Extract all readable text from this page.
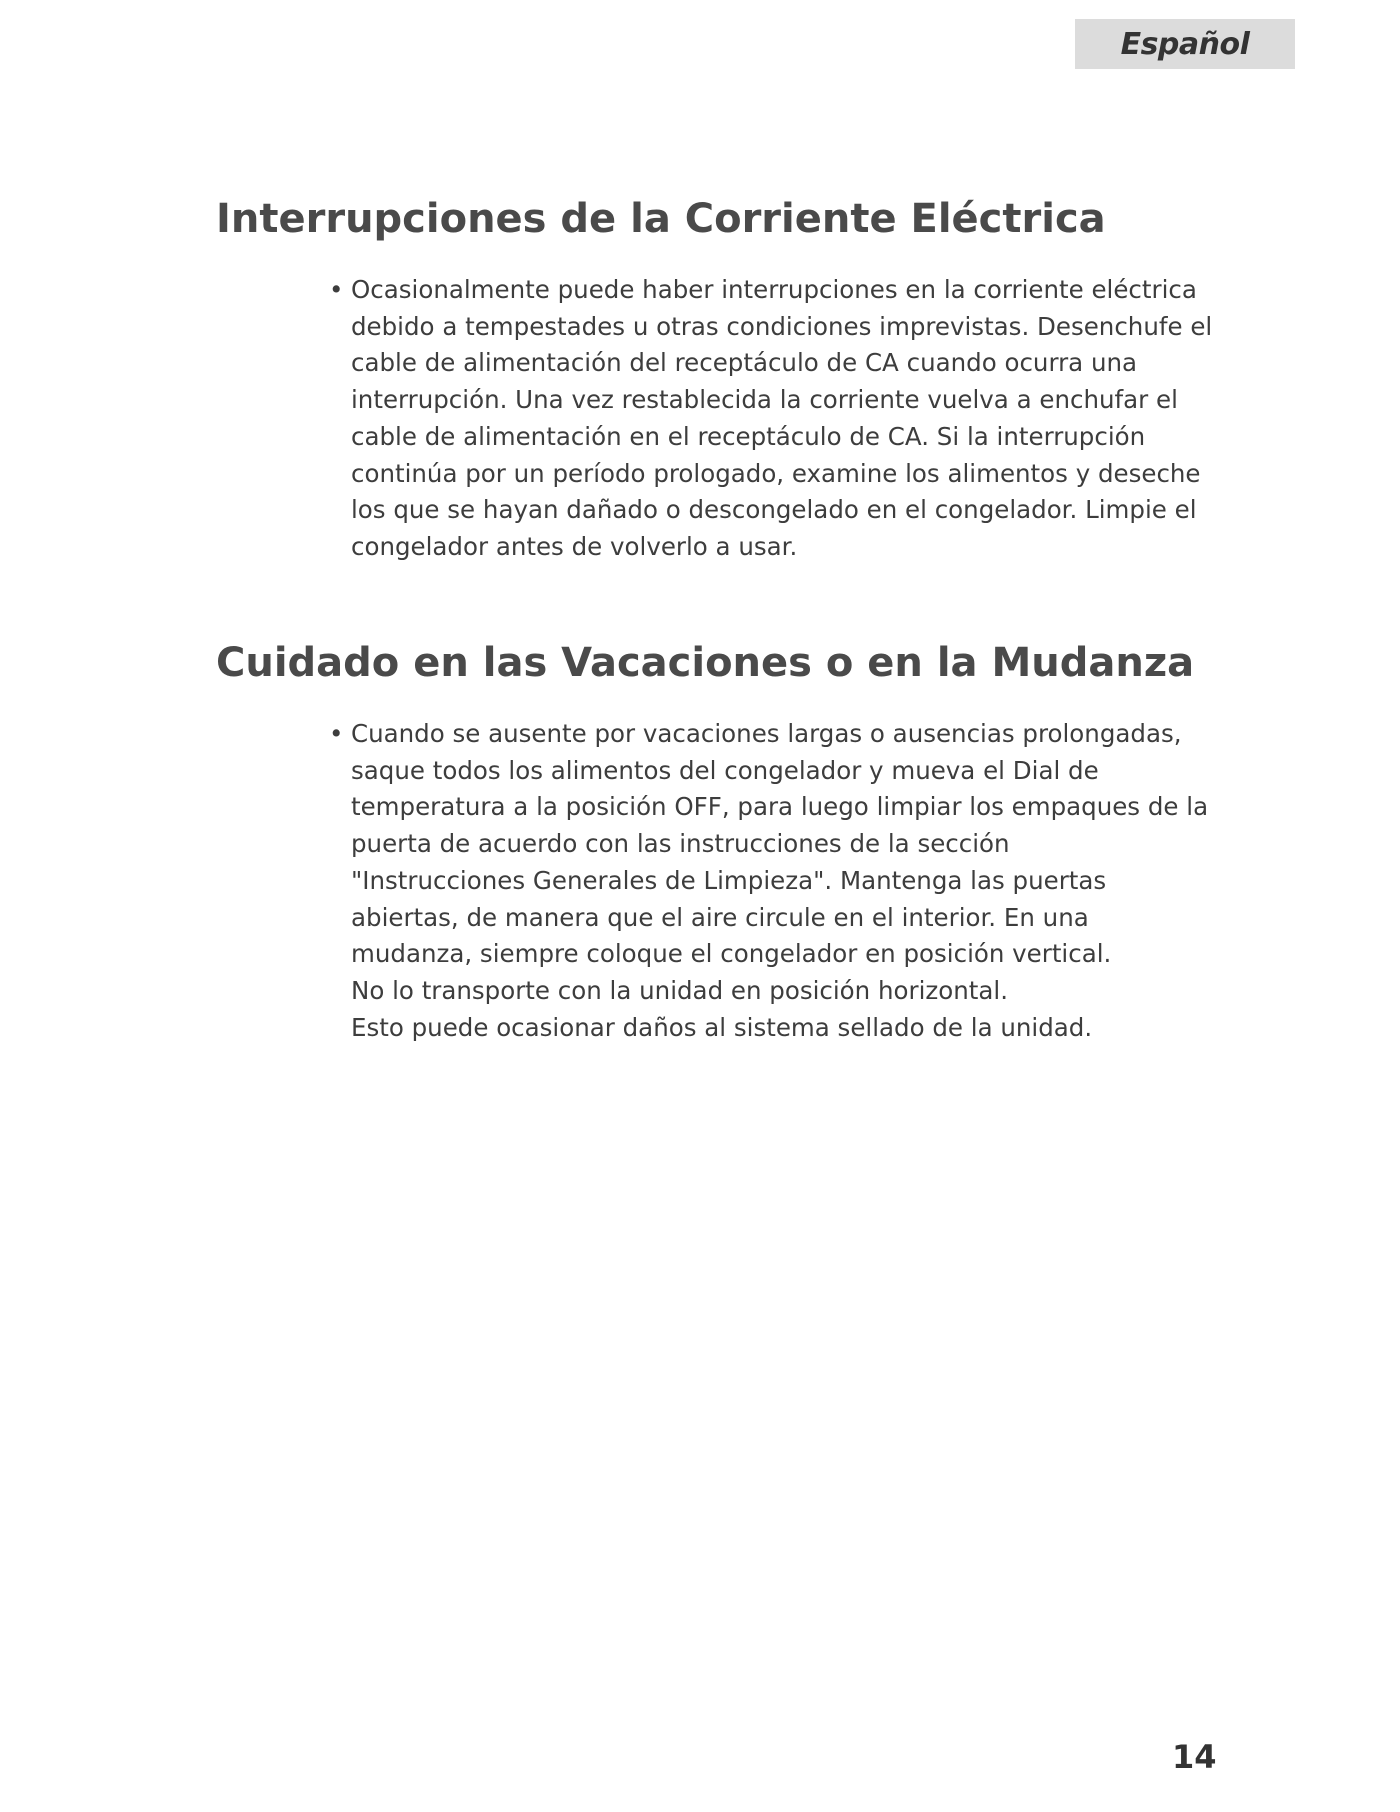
Español
Interrupciones de la Corriente Eléctrica
• Ocasionalmente puede haber interrupciones en la corriente eléctrica
debido a tempestades u otras condiciones imprevistas. Desenchufe el
cable de alimentación del receptáculo de CA cuando ocurra una
interrupción. Una vez restablecida la corriente vuelva a enchufar el
cable de alimentación en el receptáculo de CA. Si la interrupción
continúa por un período prologado, examine los alimentos y deseche
los que se hayan dañado o descongelado en el congelador. Limpie el
congelador antes de volverlo a usar.
Cuidado en las Vacaciones o en la Mudanza
• Cuando se ausente por vacaciones largas o ausencias prolongadas,
saque todos los alimentos del congelador y mueva el Dial de
temperatura a la posición OFF, para luego limpiar los empaques de la
puerta de acuerdo con las instrucciones de la sección
"Instrucciones Generales de Limpieza". Mantenga las puertas
abiertas, de manera que el aire circule en el interior. En una
mudanza, siempre coloque el congelador en posición vertical.
No lo transporte con la unidad en posición horizontal.
Esto puede ocasionar daños al sistema sellado de la unidad.
14
